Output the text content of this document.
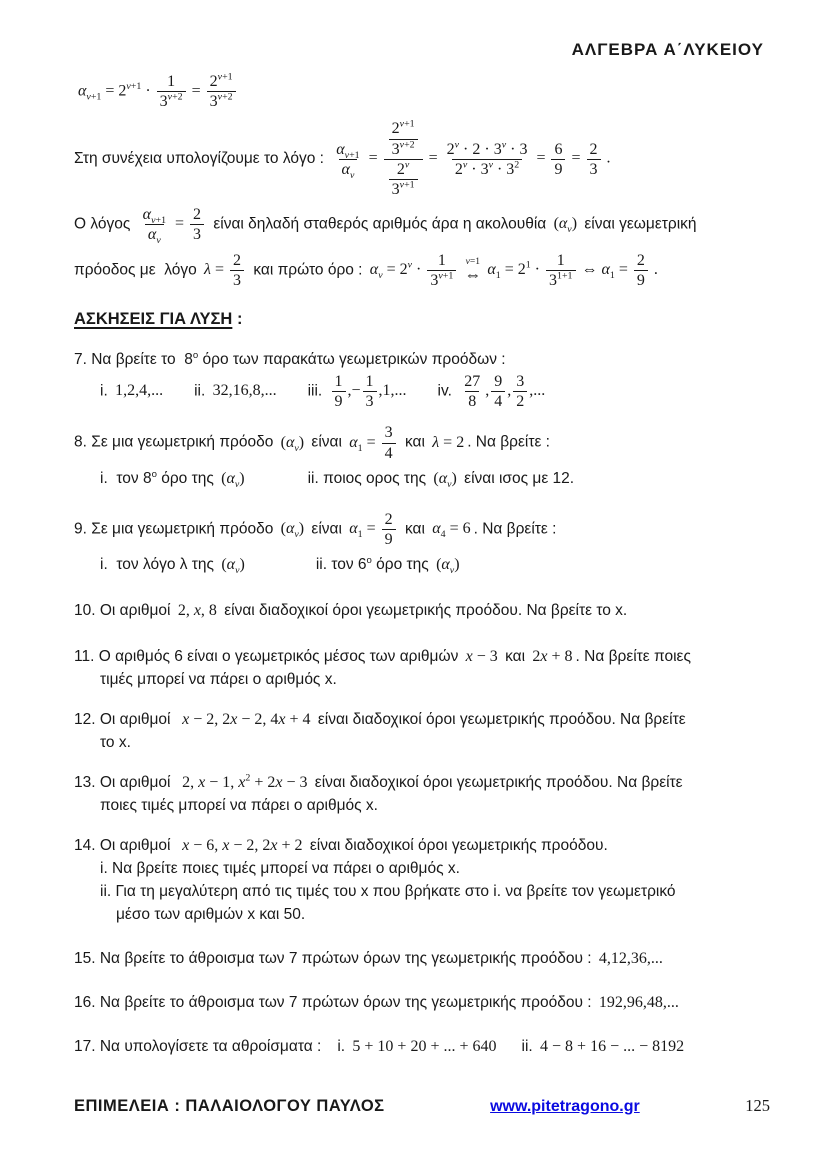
ΑΛΓΕΒΡΑ Α΄ΛΥΚΕΙΟΥ
$\alpha_{\nu+1} = 2^{\nu+1} \cdot \frac{1}{3^{\nu+2}} = \frac{2^{\nu+1}}{3^{\nu+2}}$
Στη συνέχεια υπολογίζουμε το λόγο : $\frac{\alpha_{\nu+1}}{\alpha_\nu} = \frac{\frac{2^{\nu+1}}{3^{\nu+2}}}{\frac{2^\nu}{3^{\nu+1}}} = \frac{2^\nu \cdot 2 \cdot 3^\nu \cdot 3}{2^\nu \cdot 3^\nu \cdot 3^2} = \frac{6}{9} = \frac{2}{3}$ .
Ο λόγος $\frac{\alpha_{\nu+1}}{\alpha_\nu} = \frac{2}{3}$ είναι δηλαδή σταθερός αριθμός άρα η ακολουθία $(\alpha_\nu)$ είναι γεωμετρική
πρόοδος με  λόγο $\lambda = \frac{2}{3}$ και πρώτο όρο : $\alpha_\nu = 2^\nu \cdot \frac{1}{3^{\nu+1}}$
ν=1
⇔ $\alpha_1 = 2^1 \cdot \frac{1}{3^{1+1}}$ ⇔ $\alpha_1 = \frac{2}{9}$ .
ΑΣΚΗΣΕΙΣ ΓΙΑ ΛΥΣΗ :
7. Να βρείτε το  $8^o$ όρο των παρακάτω γεωμετρικών προόδων :
i. 1,2,4,... ii. 32,16,8,... iii. $\frac{1}{9}$ ,− $\frac{1}{3} ,1$,... iv. $\frac{27}{8}$ , $\frac{9}{4}$ , $\frac{3}{2}$ ,...
8. Σε μια γεωμετρική πρόοδο $(\alpha_\nu)$ είναι $\alpha_1 = \frac{3}{4}$ και λ = 2 . Να βρείτε :
i.  τον $8^o$ όρο της $(\alpha_\nu)$	ii. ποιος ορος της $(\alpha_\nu)$ είναι ισος με 12.
9. Σε μια γεωμετρική πρόοδο $(\alpha_\nu)$ είναι $\alpha_1 = \frac{2}{9}$ και $\alpha_4 = 6$ . Να βρείτε :
i.  τον λόγο λ της $(\alpha_\nu)$	ii. τον $6^o$ όρο της $(\alpha_\nu)$
10. Οι αριθμοί 2, x, 8 είναι διαδοχικοί όροι γεωμετρικής προόδου. Να βρείτε το x.
11. Ο αριθμός 6 είναι ο γεωμετρικός μέσος των αριθμών x − 3 και 2x + 8 . Να βρείτε ποιες
τιμές μπορεί να πάρει ο αριθμός x.
12. Οι αριθμοί  x − 2, 2x − 2, 4x + 4 είναι διαδοχικοί όροι γεωμετρικής προόδου. Να βρείτε
το x.
13. Οι αριθμοί  2, x − 1, $x^2 + 2x - 3$ είναι διαδοχικοί όροι γεωμετρικής προόδου. Να βρείτε
ποιες τιμές μπορεί να πάρει ο αριθμός x.
14. Οι αριθμοί  x − 6, x − 2, 2x + 2 είναι διαδοχικοί όροι γεωμετρικής προόδου.
i. Να βρείτε ποιες τιμές μπορεί να πάρει ο αριθμός x.
ii. Για τη μεγαλύτερη από τις τιμές του x που βρήκατε στο i. να βρείτε τον γεωμετρικό
μέσο των αριθμών x και 50.
15. Να βρείτε το άθροισμα των 7 πρώτων όρων της γεωμετρικής προόδου : 4,12,36,...
16. Να βρείτε το άθροισμα των 7 πρώτων όρων της γεωμετρικής προόδου : 192,96,48,...
17. Να υπολογίσετε τα αθροίσματα : i. 5 + 10 + 20 + ... + 640 ii. 4 − 8 + 16 − ... − 8192
ΕΠΙΜΕΛΕΙΑ : ΠΑΛΑΙΟΛΟΓΟΥ ΠΑΥΛΟΣ	www.pitetragono.gr	125
